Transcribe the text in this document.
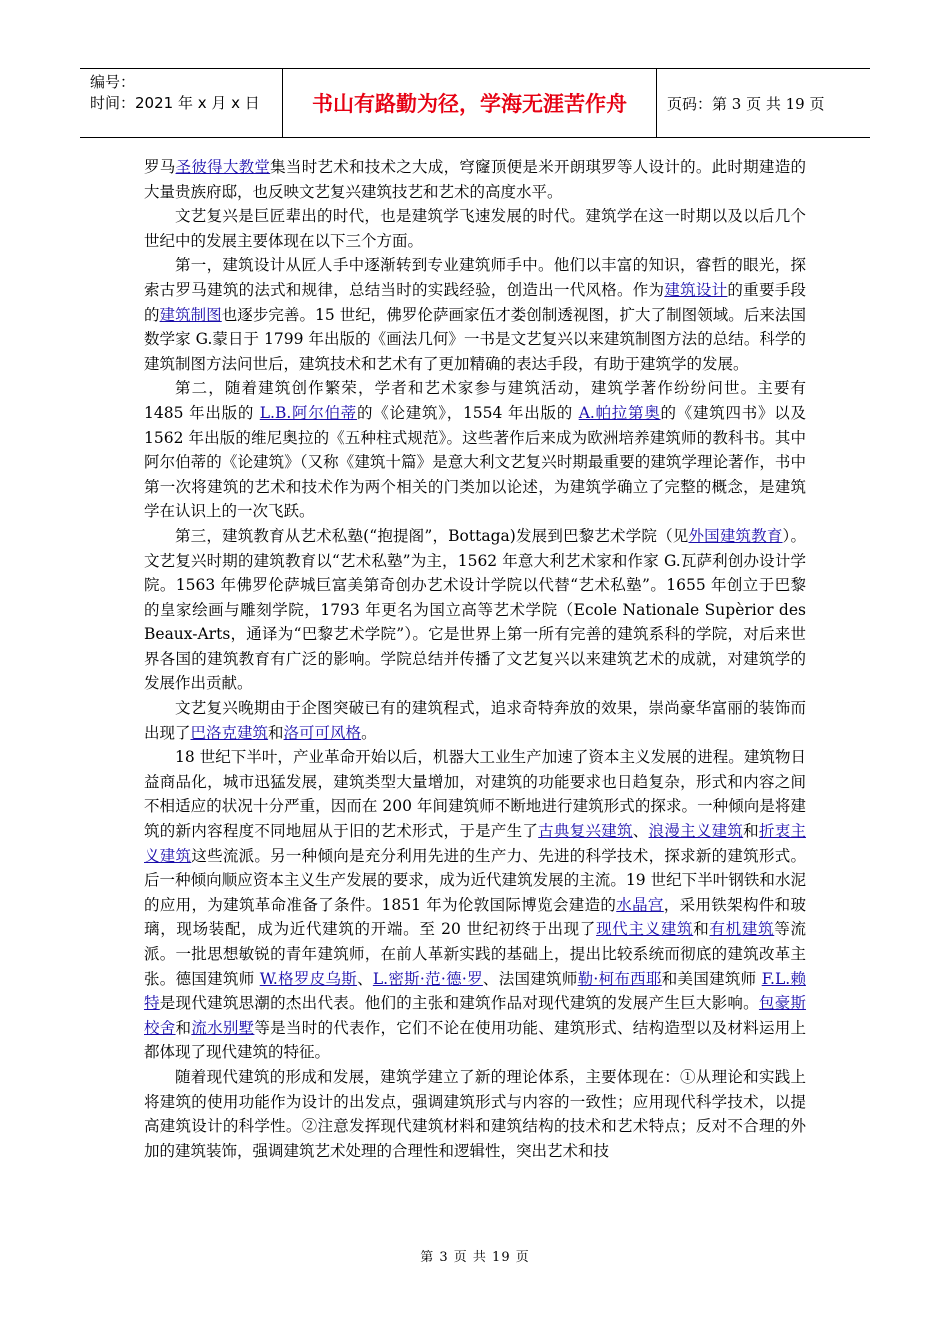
编号：
时间：2021 年 x 月 x 日	书山有路勤为径，学海无涯苦作舟	页码：第 3 页 共 19 页

罗马圣彼得大教堂集当时艺术和技术之大成，穹窿顶便是米开朗琪罗等人设计的。此时期建造的大量贵族府邸，也反映文艺复兴建筑技艺和艺术的高度水平。

文艺复兴是巨匠辈出的时代，也是建筑学飞速发展的时代。建筑学在这一时期以及以后几个世纪中的发展主要体现在以下三个方面。

第一，建筑设计从匠人手中逐渐转到专业建筑师手中。他们以丰富的知识，睿哲的眼光，探索古罗马建筑的法式和规律，总结当时的实践经验，创造出一代风格。作为建筑设计的重要手段的建筑制图也逐步完善。15 世纪，佛罗伦萨画家伍才娄创制透视图，扩大了制图领域。后来法国数学家 G.蒙日于 1799 年出版的《画法几何》一书是文艺复兴以来建筑制图方法的总结。科学的建筑制图方法问世后，建筑技术和艺术有了更加精确的表达手段，有助于建筑学的发展。

第二，随着建筑创作繁荣，学者和艺术家参与建筑活动，建筑学著作纷纷问世。主要有 1485 年出版的 L.B.阿尔伯蒂的《论建筑》，1554 年出版的 A.帕拉第奥的《建筑四书》以及 1562 年出版的维尼奥拉的《五种柱式规范》。这些著作后来成为欧洲培养建筑师的教科书。其中阿尔伯蒂的《论建筑》（又称《建筑十篇》是意大利文艺复兴时期最重要的建筑学理论著作，书中第一次将建筑的艺术和技术作为两个相关的门类加以论述，为建筑学确立了完整的概念，是建筑学在认识上的一次飞跃。

第三，建筑教育从艺术私塾(“抱提阁”，Bottaga)发展到巴黎艺术学院（见外国建筑教育）。文艺复兴时期的建筑教育以“艺术私塾”为主，1562 年意大利艺术家和作家 G.瓦萨利创办设计学院。1563 年佛罗伦萨城巨富美第奇创办艺术设计学院以代替“艺术私塾”。1655 年创立于巴黎的皇家绘画与雕刻学院，1793 年更名为国立高等艺术学院（Ecole Nationale Supèrior des Beaux-Arts，通译为“巴黎艺术学院”）。它是世界上第一所有完善的建筑系科的学院，对后来世界各国的建筑教育有广泛的影响。学院总结并传播了文艺复兴以来建筑艺术的成就，对建筑学的发展作出贡献。

文艺复兴晚期由于企图突破已有的建筑程式，追求奇特奔放的效果，崇尚豪华富丽的装饰而出现了巴洛克建筑和洛可可风格。

18 世纪下半叶，产业革命开始以后，机器大工业生产加速了资本主义发展的进程。建筑物日益商品化，城市迅猛发展，建筑类型大量增加，对建筑的功能要求也日趋复杂，形式和内容之间不相适应的状况十分严重，因而在 200 年间建筑师不断地进行建筑形式的探求。一种倾向是将建筑的新内容程度不同地屈从于旧的艺术形式，于是产生了古典复兴建筑、浪漫主义建筑和折衷主义建筑这些流派。另一种倾向是充分利用先进的生产力、先进的科学技术，探求新的建筑形式。后一种倾向顺应资本主义生产发展的要求，成为近代建筑发展的主流。19 世纪下半叶钢铁和水泥的应用，为建筑革命准备了条件。1851 年为伦敦国际博览会建造的水晶宫，采用铁架构件和玻璃，现场装配，成为近代建筑的开端。至 20 世纪初终于出现了现代主义建筑和有机建筑等流派。一批思想敏锐的青年建筑师，在前人革新实践的基础上，提出比较系统而彻底的建筑改革主张。德国建筑师 W.格罗皮乌斯、L.密斯·范·德·罗、法国建筑师勒·柯布西耶和美国建筑师 F.L.赖特是现代建筑思潮的杰出代表。他们的主张和建筑作品对现代建筑的发展产生巨大影响。包豪斯校舍和流水别墅等是当时的代表作，它们不论在使用功能、建筑形式、结构造型以及材料运用上都体现了现代建筑的特征。

随着现代建筑的形成和发展，建筑学建立了新的理论体系，主要体现在：①从理论和实践上将建筑的使用功能作为设计的出发点，强调建筑形式与内容的一致性；应用现代科学技术，以提高建筑设计的科学性。②注意发挥现代建筑材料和建筑结构的技术和艺术特点；反对不合理的外加的建筑装饰，强调建筑艺术处理的合理性和逻辑性，突出艺术和技

第 3 页 共 19 页
